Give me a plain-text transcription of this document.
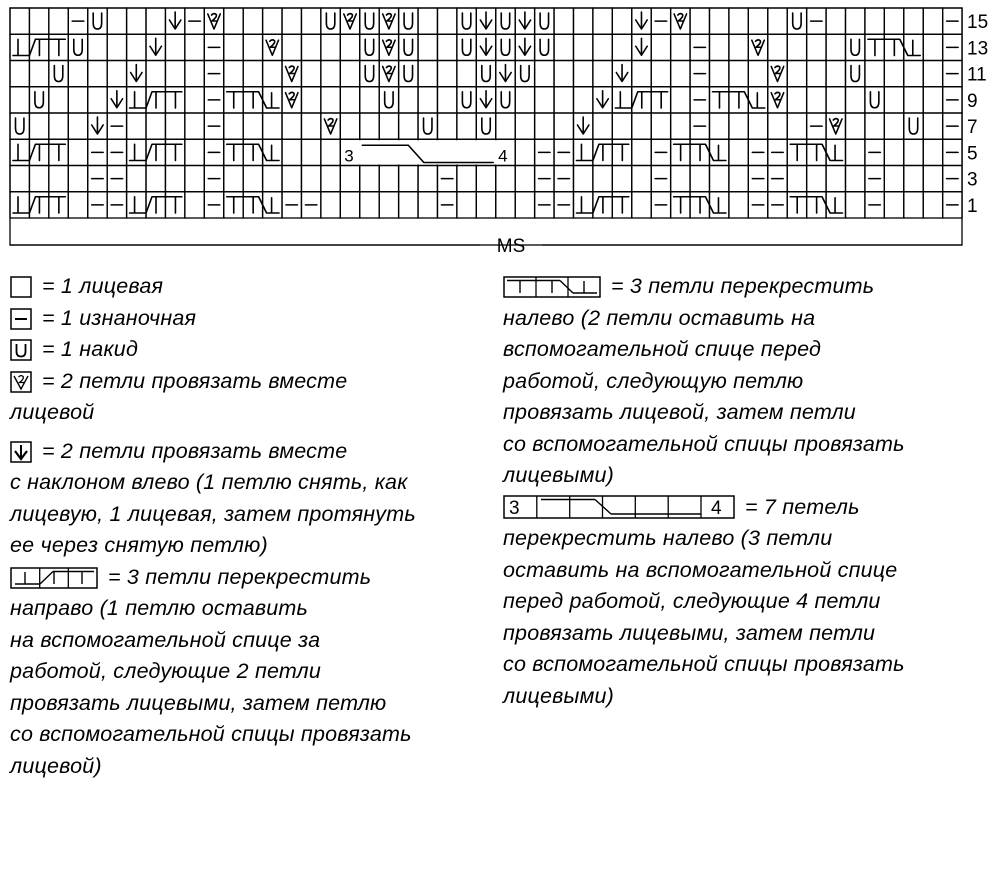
3	4
MS
15
13
11
9
7
5
3
1

= 1 лицевая

= 1 изнаночная

= 1 накид

= 2 петли провязать вместе

лицевой

= 2 петли провязать вместе

с наклоном влево (1 петлю снять, как

лицевую, 1 лицевая, затем протянуть

ее через снятую петлю)

= 3 петли перекрестить

направо (1 петлю оставить

на вспомогательной спице за

работой, следующие 2 петли

провязать лицевыми, затем петлю

со вспомогательной спицы провязать

лицевой)

= 3 петли перекрестить

налево (2 петли оставить на

вспомогательной спице перед

работой, следующую петлю

провязать лицевой, затем петли

со вспомогательной спицы провязать

лицевыми)

3	4 = 7 петель

перекрестить налево (3 петли

оставить на вспомогательной спице

перед работой, следующие 4 петли

провязать лицевыми, затем петли

со вспомогательной спицы провязать

лицевыми)
